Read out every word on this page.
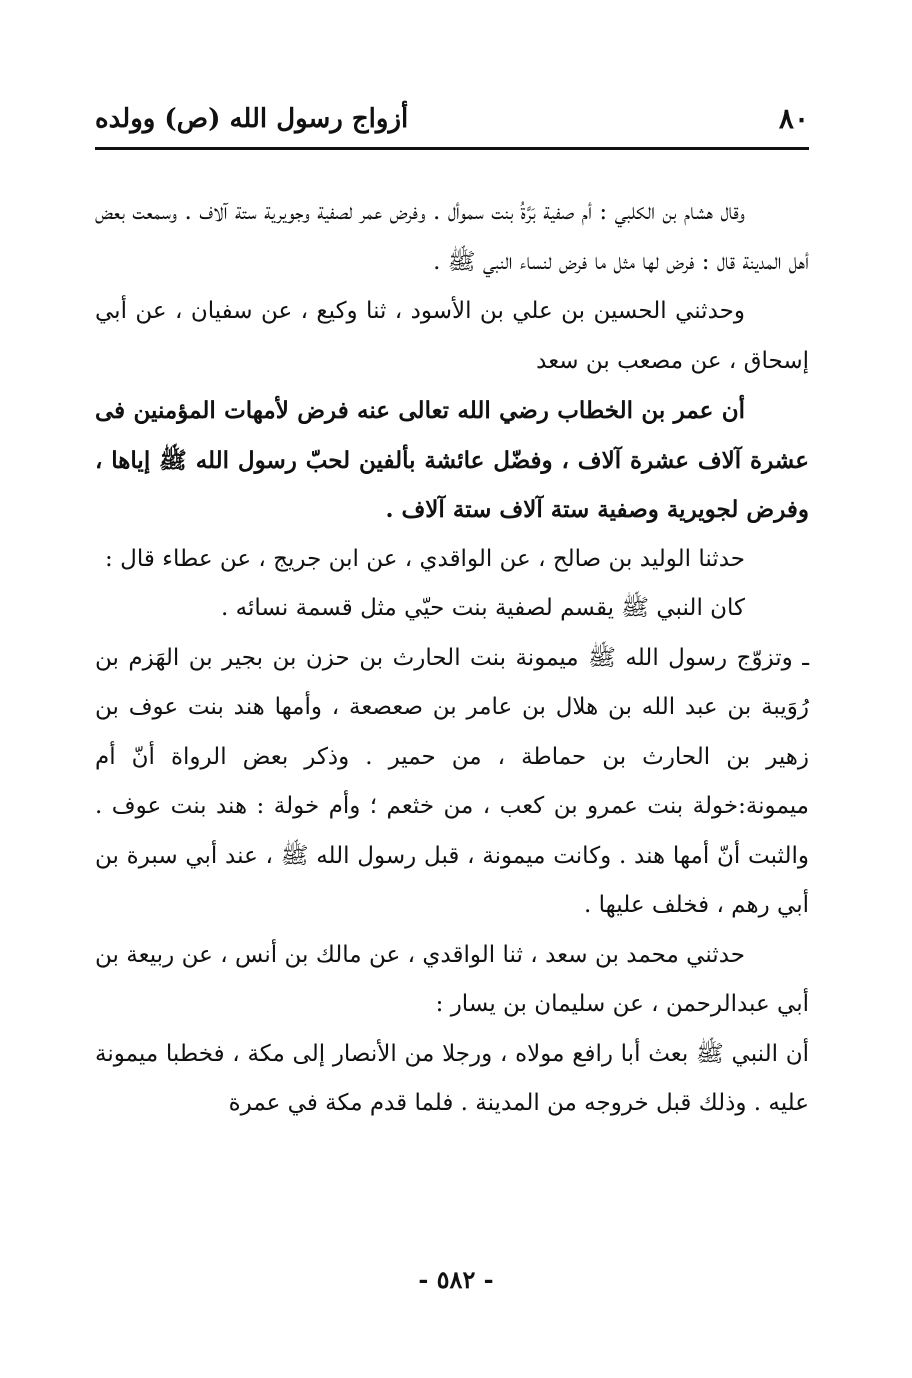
٨٠
أزواج رسول الله (ص) وولده

وقال هشام بن الكلبي : أم صفية بَرَّةُ بنت سموأل . وفرض عمر لصفية وجويرية ستة آلاف . وسمعت بعض أهل المدينة قال : فرض لها مثل ما فرض لنساء النبي ﷺ .

وحدثني الحسين بن علي بن الأسود ، ثنا وكيع ، عن سفيان ، عن أبي إسحاق ، عن مصعب بن سعد

أن عمر بن الخطاب رضي الله تعالى عنه فرض لأمهات المؤمنين فى عشرة آلاف عشرة آلاف ، وفضّل عائشة بألفين لحبّ رسول الله ﷺ إياها ، وفرض لجويرية وصفية ستة آلاف ستة آلاف .

حدثنا الوليد بن صالح ، عن الواقدي ، عن ابن جريج ، عن عطاء قال :

كان النبي ﷺ يقسم لصفية بنت حيّي مثل قسمة نسائه .

ـ وتزوّج رسول الله ﷺ ميمونة بنت الحارث بن حزن بن بجير بن الهَزم بن رُوَيبة بن عبد الله بن هلال بن عامر بن صعصعة ، وأمها هند بنت عوف بن زهير بن الحارث بن حماطة ، من حمير . وذكر بعض الرواة أنّ أم ميمونة:خولة بنت عمرو بن كعب ، من خثعم ؛ وأم خولة : هند بنت عوف . والثبت أنّ أمها هند . وكانت ميمونة ، قبل رسول الله ﷺ ، عند أبي سبرة بن أبي رهم ، فخلف عليها .

حدثني محمد بن سعد ، ثنا الواقدي ، عن مالك بن أنس ، عن ربيعة بن أبي عبدالرحمن ، عن سليمان بن يسار :

أن النبي ﷺ بعث أبا رافع مولاه ، ورجلا من الأنصار إلى مكة ، فخطبا ميمونة عليه . وذلك قبل خروجه من المدينة . فلما قدم مكة في عمرة

- ٥٨٢ -
